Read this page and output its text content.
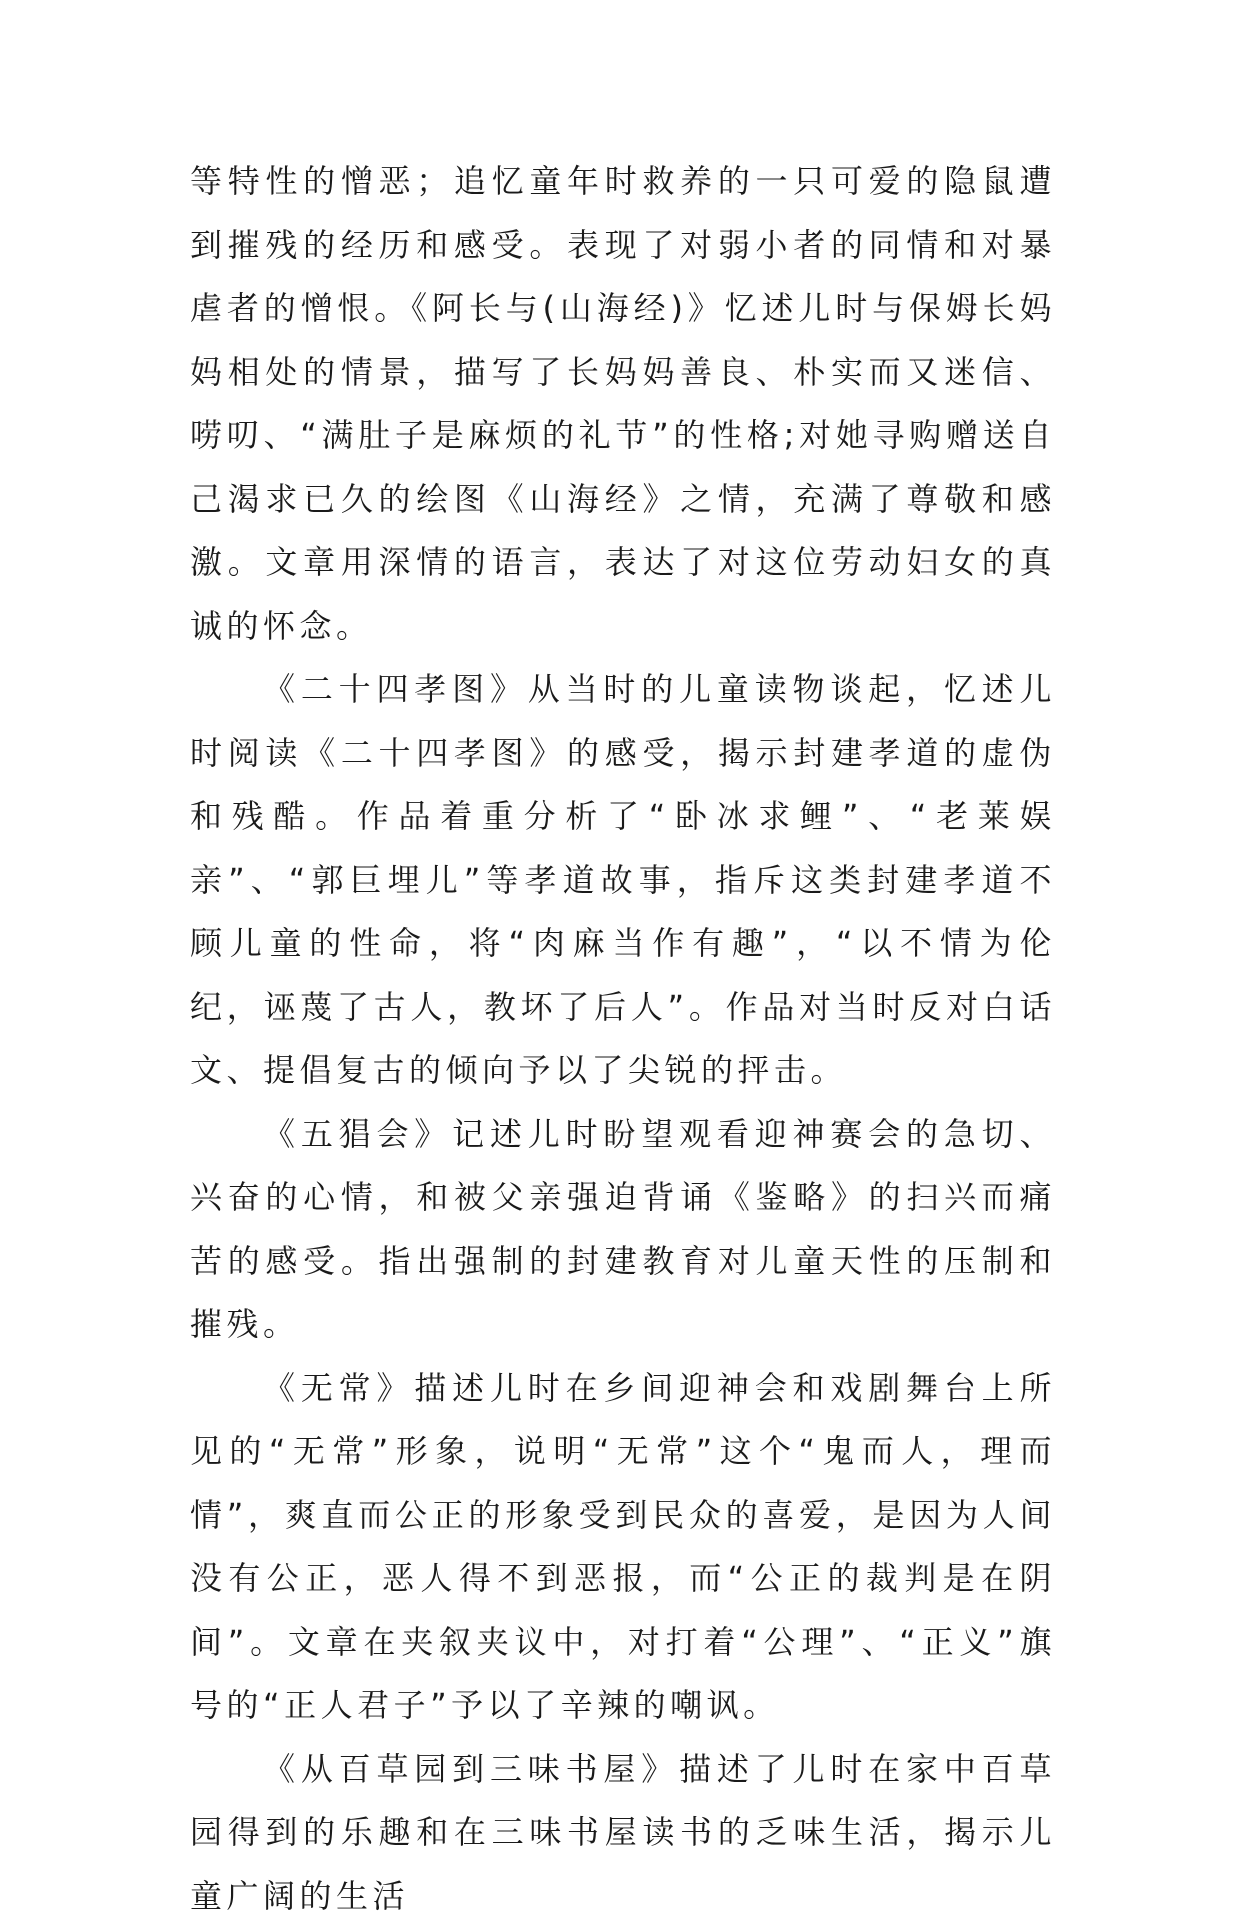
等特性的憎恶；追忆童年时救养的一只可爱的隐鼠遭到摧残的经历和感受。表现了对弱小者的同情和对暴虐者的憎恨。《阿长与(山海经)》忆述儿时与保姆长妈妈相处的情景，描写了长妈妈善良、朴实而又迷信、唠叨、“满肚子是麻烦的礼节”的性格;对她寻购赠送自己渴求已久的绘图《山海经》之情，充满了尊敬和感激。文章用深情的语言，表达了对这位劳动妇女的真诚的怀念。

《二十四孝图》从当时的儿童读物谈起，忆述儿时阅读《二十四孝图》的感受，揭示封建孝道的虚伪和残酷。作品着重分析了“卧冰求鲤”、“老莱娱亲”、“郭巨埋儿”等孝道故事，指斥这类封建孝道不顾儿童的性命，将“肉麻当作有趣”，“以不情为伦纪，诬蔑了古人，教坏了后人”。作品对当时反对白话文、提倡复古的倾向予以了尖锐的抨击。

《五猖会》记述儿时盼望观看迎神赛会的急切、兴奋的心情，和被父亲强迫背诵《鉴略》的扫兴而痛苦的感受。指出强制的封建教育对儿童天性的压制和摧残。

《无常》描述儿时在乡间迎神会和戏剧舞台上所见的“无常”形象，说明“无常”这个“鬼而人，理而情”，爽直而公正的形象受到民众的喜爱，是因为人间没有公正，恶人得不到恶报，而“公正的裁判是在阴间”。文章在夹叙夹议中，对打着“公理”、“正义”旗号的“正人君子”予以了辛辣的嘲讽。

《从百草园到三味书屋》描述了儿时在家中百草园得到的乐趣和在三味书屋读书的乏味生活，揭示儿童广阔的生活
